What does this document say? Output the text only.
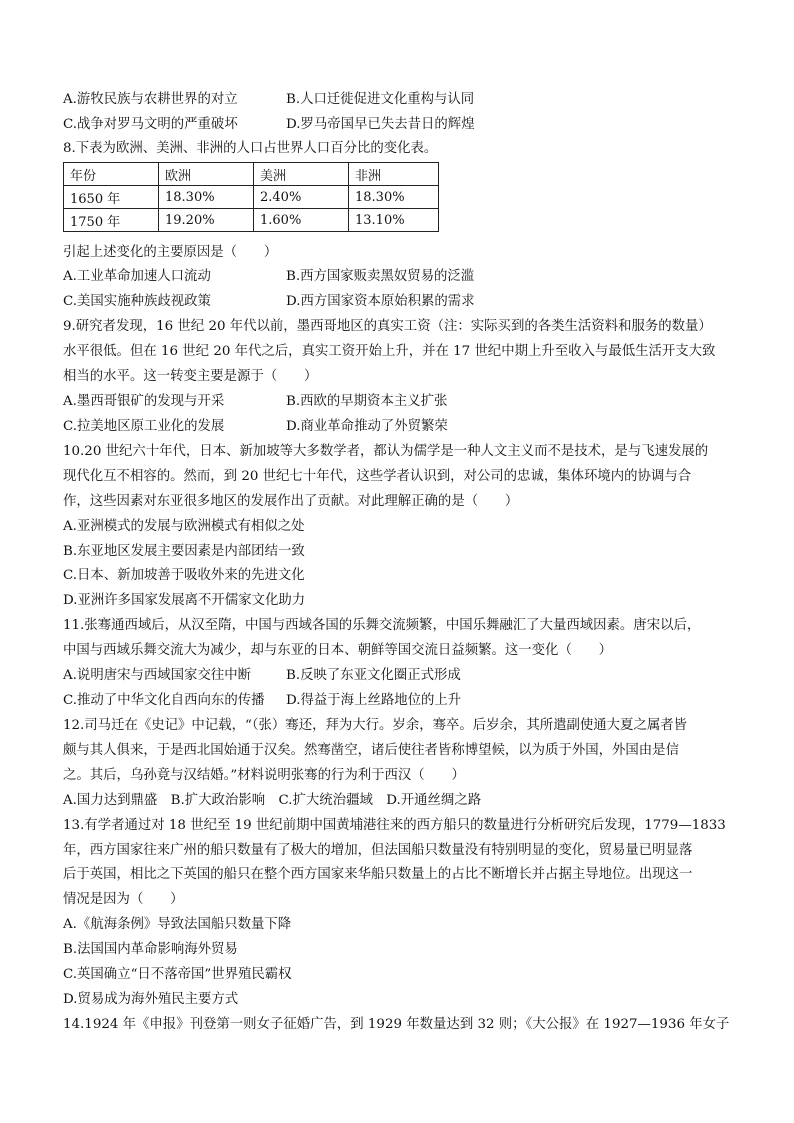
A.游牧民族与农耕世界的对立	B.人口迁徙促进文化重构与认同
C.战争对罗马文明的严重破坏	D.罗马帝国早已失去昔日的辉煌
8.下表为欧洲、美洲、非洲的人口占世界人口百分比的变化表。
年份	欧洲	美洲	非洲
1650 年	18.30%	2.40%	18.30%
1750 年	19.20%	1.60%	13.10%
引起上述变化的主要原因是（　　）
A.工业革命加速人口流动	B.西方国家贩卖黑奴贸易的泛滥
C.美国实施种族歧视政策	D.西方国家资本原始积累的需求
9.研究者发现，16 世纪 20 年代以前，墨西哥地区的真实工资（注：实际买到的各类生活资料和服务的数量）
水平很低。但在 16 世纪 20 年代之后，真实工资开始上升，并在 17 世纪中期上升至收入与最低生活开支大致
相当的水平。这一转变主要是源于（　　）
A.墨西哥银矿的发现与开采	B.西欧的早期资本主义扩张
C.拉美地区原工业化的发展	D.商业革命推动了外贸繁荣
10.20 世纪六十年代，日本、新加坡等大多数学者，都认为儒学是一种人文主义而不是技术，是与飞速发展的
现代化互不相容的。然而，到 20 世纪七十年代，这些学者认识到，对公司的忠诚，集体环境内的协调与合
作，这些因素对东亚很多地区的发展作出了贡献。对此理解正确的是（　　）
A.亚洲模式的发展与欧洲模式有相似之处
B.东亚地区发展主要因素是内部团结一致
C.日本、新加坡善于吸收外来的先进文化
D.亚洲许多国家发展离不开儒家文化助力
11.张骞通西域后，从汉至隋，中国与西域各国的乐舞交流频繁，中国乐舞融汇了大量西域因素。唐宋以后，
中国与西域乐舞交流大为减少，却与东亚的日本、朝鲜等国交流日益频繁。这一变化（　　）
A.说明唐宋与西域国家交往中断	B.反映了东亚文化圈正式形成
C.推动了中华文化自西向东的传播 D.得益于海上丝路地位的上升
12.司马迁在《史记》中记载，“（张）骞还，拜为大行。岁余，骞卒。后岁余，其所遣副使通大夏之属者皆
颇与其人俱来，于是西北国始通于汉矣。然骞凿空，诸后使往者皆称博望候，以为质于外国，外国由是信
之。其后，乌孙竟与汉结婚。”材料说明张骞的行为利于西汉（　　）
A.国力达到鼎盛　B.扩大政治影响　C.扩大统治疆域　D.开通丝绸之路
13.有学者通过对 18 世纪至 19 世纪前期中国黄埔港往来的西方船只的数量进行分析研究后发现，1779—1833
年，西方国家往来广州的船只数量有了极大的增加，但法国船只数量没有特别明显的变化，贸易量已明显落
后于英国，相比之下英国的船只在整个西方国家来华船只数量上的占比不断增长并占据主导地位。出现这一
情况是因为（　　）
A.《航海条例》导致法国船只数量下降
B.法国国内革命影响海外贸易
C.英国确立“日不落帝国”世界殖民霸权
D.贸易成为海外殖民主要方式
14.1924 年《申报》刊登第一则女子征婚广告，到 1929 年数量达到 32 则；《大公报》在 1927—1936 年女子
